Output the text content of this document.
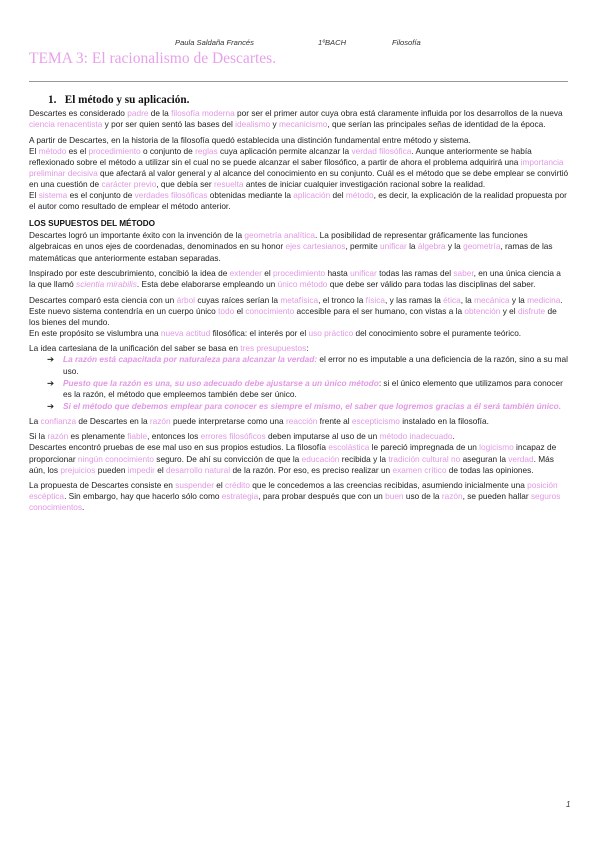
Paula Saldaña Francés	1ºBACH	Filosofía
TEMA 3: El racionalismo de Descartes.
1. El método y su aplicación.

Descartes es considerado padre de la filosofía moderna por ser el primer autor cuya obra está claramente influida por los desarrollos de la nueva ciencia renacentista y por ser quien sentó las bases del idealismo y mecanicismo, que serían las principales señas de identidad de la época.

A partir de Descartes, en la historia de la filosofía quedó establecida una distinción fundamental entre método y sistema.

El método es el procedimiento o conjunto de reglas cuya aplicación permite alcanzar la verdad filosófica. Aunque anteriormente se había reflexionado sobre el método a utilizar sin el cual no se puede alcanzar el saber filosófico, a partir de ahora el problema adquirirá una importancia preliminar decisiva que afectará al valor general y al alcance del conocimiento en su conjunto. Cuál es el método que se debe emplear se convirtió en una cuestión de carácter previo, que debía ser resuelta antes de iniciar cualquier investigación racional sobre la realidad.

El sistema es el conjunto de verdades filosóficas obtenidas mediante la aplicación del método, es decir, la explicación de la realidad propuesta por el autor como resultado de emplear el método anterior.

LOS SUPUESTOS DEL MÉTODO

Descartes logró un importante éxito con la invención de la geometría analítica. La posibilidad de representar gráficamente las funciones algebraicas en unos ejes de coordenadas, denominados en su honor ejes cartesianos, permite unificar la álgebra y la geometría, ramas de las matemáticas que anteriormente estaban separadas.

Inspirado por este descubrimiento, concibió la idea de extender el procedimiento hasta unificar todas las ramas del saber, en una única ciencia a la que llamó scientia mirabilis. Esta debe elaborarse empleando un único método que debe ser válido para todas las disciplinas del saber.

Descartes comparó esta ciencia con un árbol cuyas raíces serían la metafísica, el tronco la física, y las ramas la ética, la mecánica y la medicina.  Este nuevo sistema contendría en un cuerpo único todo el conocimiento accesible para el ser humano, con vistas a la obtención y el disfrute de los bienes del mundo.

En este propósito se vislumbra una nueva actitud filosófica: el interés por el uso práctico del conocimiento sobre el puramente teórico.

La idea cartesiana de la unificación del saber se basa en tres presupuestos:

➔ La razón está capacitada por naturaleza para alcanzar la verdad: el error no es imputable a una deficiencia de la razón, sino a su mal uso.
➔ Puesto que la razón es una, su uso adecuado debe ajustarse a un único método: si el único elemento que utilizamos para conocer es la razón, el método que empleemos también debe ser único.
➔ Si el método que debemos emplear para conocer es siempre el mismo, el saber que logremos gracias a él será también único.

La confianza de Descartes en la razón puede interpretarse como una reacción frente al escepticismo instalado en la filosofía.

Si la razón es plenamente fiable, entonces los errores filosóficos deben imputarse al uso de un método inadecuado.
Descartes encontró pruebas de ese mal uso en sus propios estudios. La filosofía escolástica le pareció impregnada de un logicismo incapaz de proporcionar ningún conocimiento seguro. De ahí su convicción de que la educación recibida y la tradición cultural no aseguran la verdad. Más aún, los prejuicios pueden impedir el desarrollo natural de la razón. Por eso, es preciso realizar un examen crítico de todas las opiniones.

La propuesta de Descartes consiste en suspender el crédito que le concedemos a las creencias recibidas, asumiendo inicialmente una posición escéptica. Sin embargo, hay que hacerlo sólo como estrategia, para probar después que con un buen uso de la razón, se pueden hallar seguros conocimientos.

1
